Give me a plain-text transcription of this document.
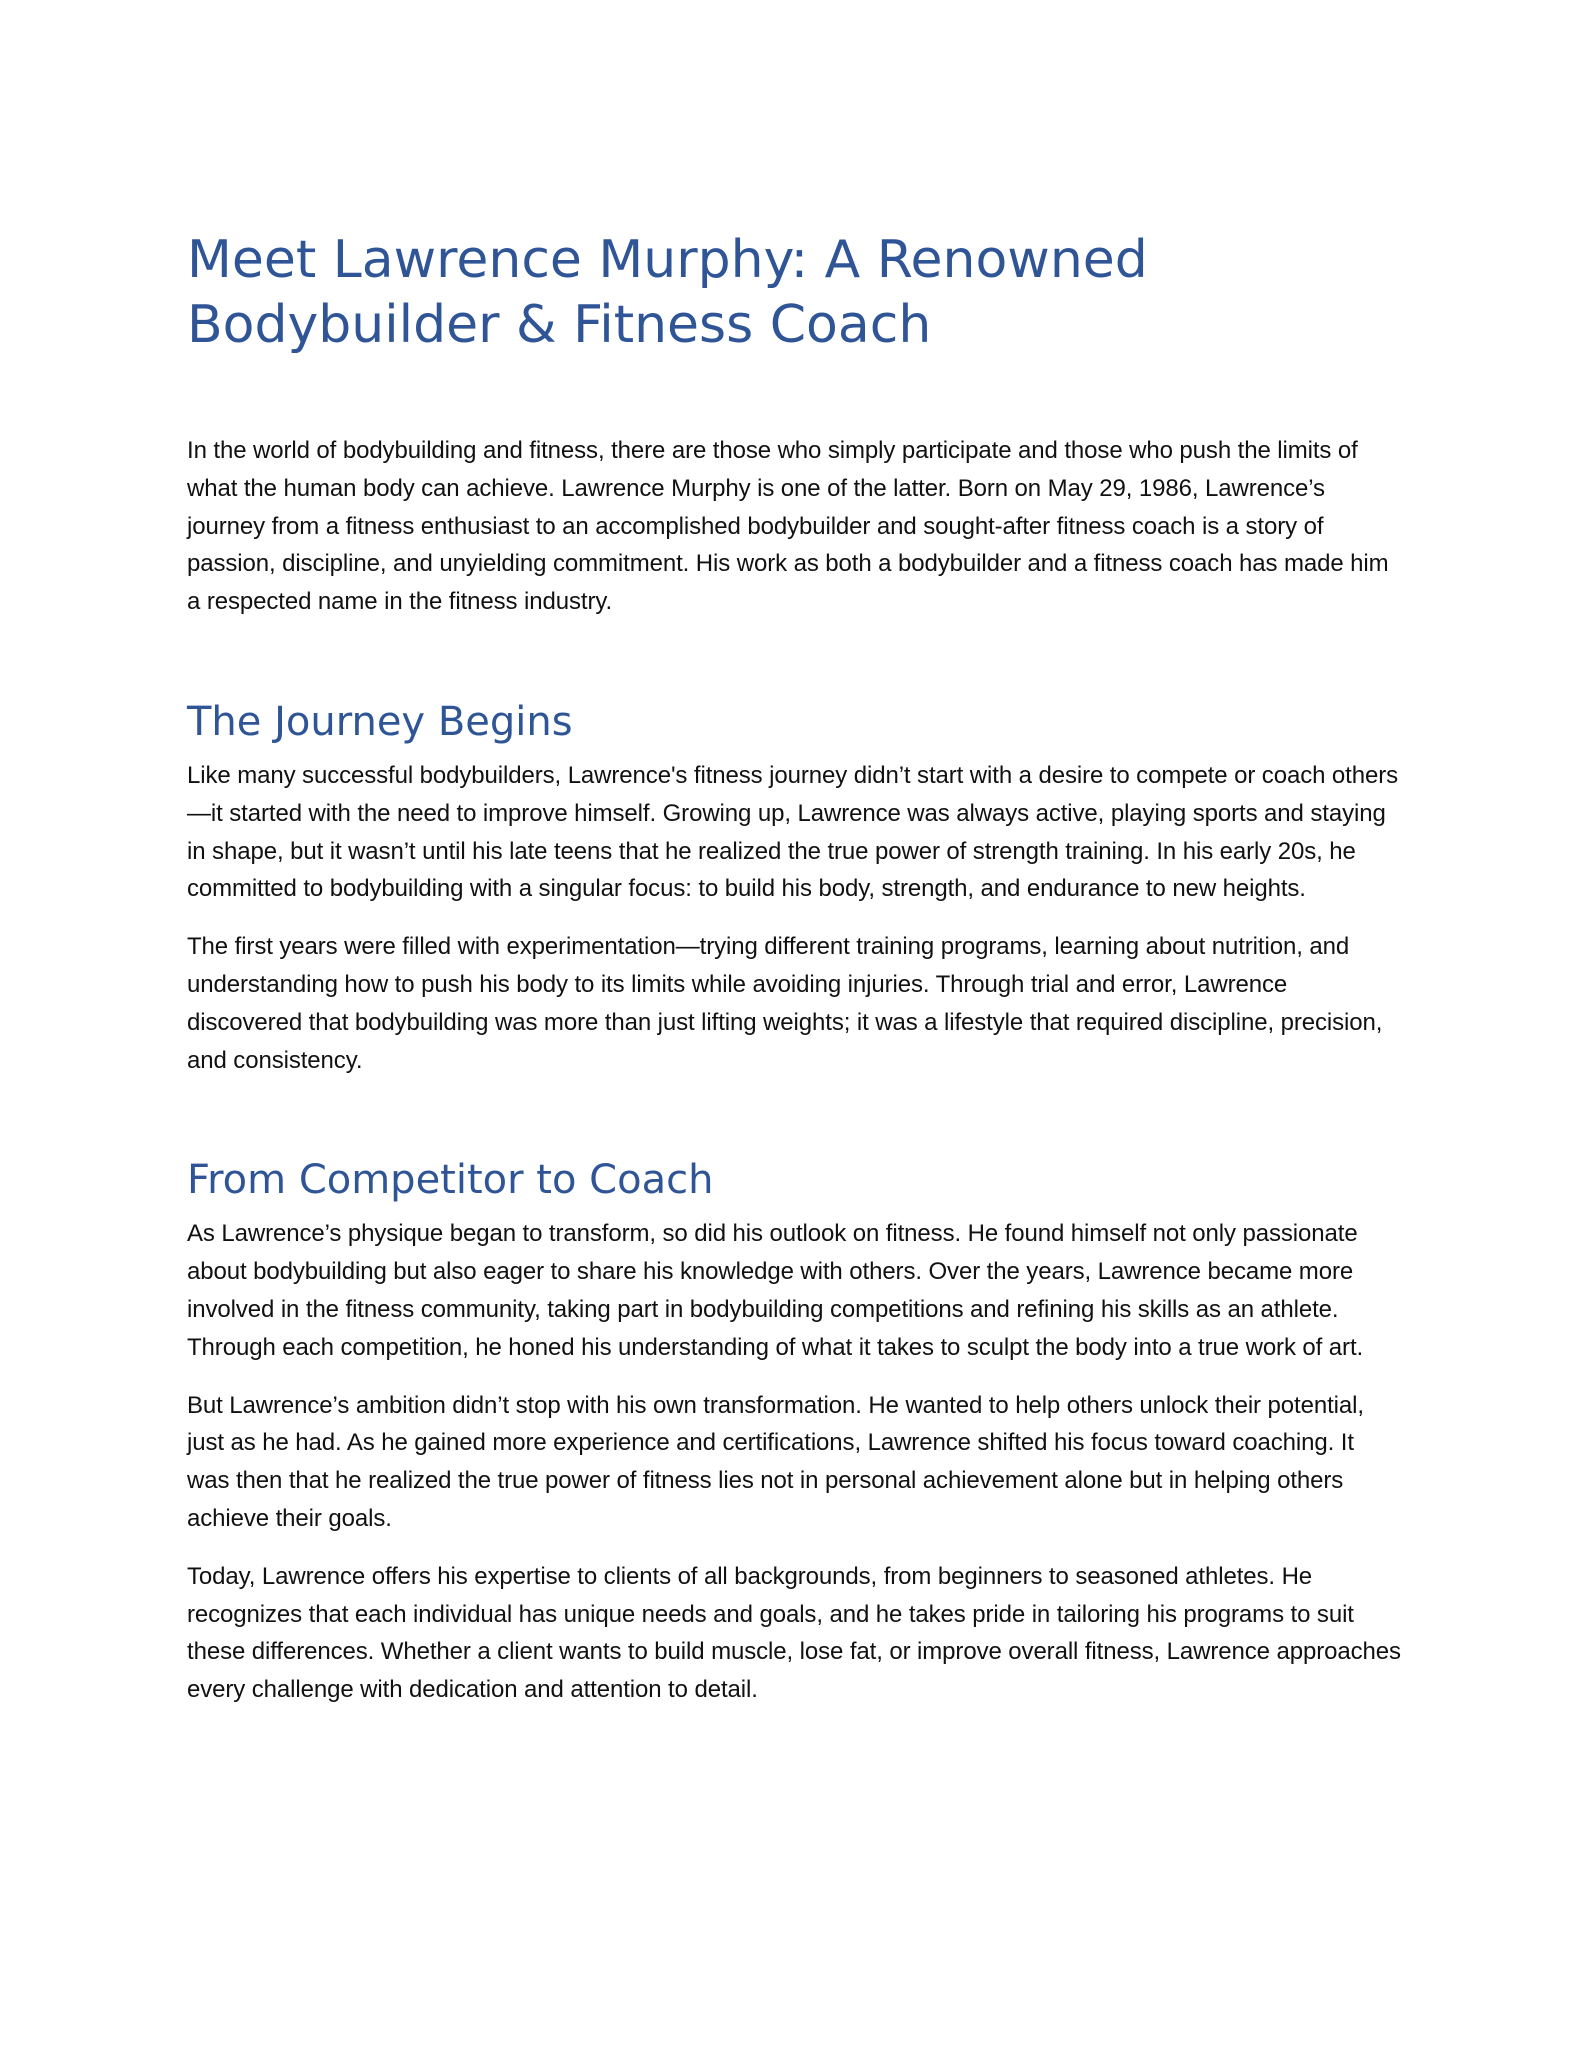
Meet Lawrence Murphy: A Renowned Bodybuilder & Fitness Coach

In the world of bodybuilding and fitness, there are those who simply participate and those who push the limits of what the human body can achieve. Lawrence Murphy is one of the latter. Born on May 29, 1986, Lawrence’s journey from a fitness enthusiast to an accomplished bodybuilder and sought-after fitness coach is a story of passion, discipline, and unyielding commitment. His work as both a bodybuilder and a fitness coach has made him a respected name in the fitness industry.

The Journey Begins

Like many successful bodybuilders, Lawrence's fitness journey didn’t start with a desire to compete or coach others—it started with the need to improve himself. Growing up, Lawrence was always active, playing sports and staying in shape, but it wasn’t until his late teens that he realized the true power of strength training. In his early 20s, he committed to bodybuilding with a singular focus: to build his body, strength, and endurance to new heights.

The first years were filled with experimentation—trying different training programs, learning about nutrition, and understanding how to push his body to its limits while avoiding injuries. Through trial and error, Lawrence discovered that bodybuilding was more than just lifting weights; it was a lifestyle that required discipline, precision, and consistency.

From Competitor to Coach

As Lawrence’s physique began to transform, so did his outlook on fitness. He found himself not only passionate about bodybuilding but also eager to share his knowledge with others. Over the years, Lawrence became more involved in the fitness community, taking part in bodybuilding competitions and refining his skills as an athlete. Through each competition, he honed his understanding of what it takes to sculpt the body into a true work of art.

But Lawrence’s ambition didn’t stop with his own transformation. He wanted to help others unlock their potential, just as he had. As he gained more experience and certifications, Lawrence shifted his focus toward coaching. It was then that he realized the true power of fitness lies not in personal achievement alone but in helping others achieve their goals.

Today, Lawrence offers his expertise to clients of all backgrounds, from beginners to seasoned athletes. He recognizes that each individual has unique needs and goals, and he takes pride in tailoring his programs to suit these differences. Whether a client wants to build muscle, lose fat, or improve overall fitness, Lawrence approaches every challenge with dedication and attention to detail.
